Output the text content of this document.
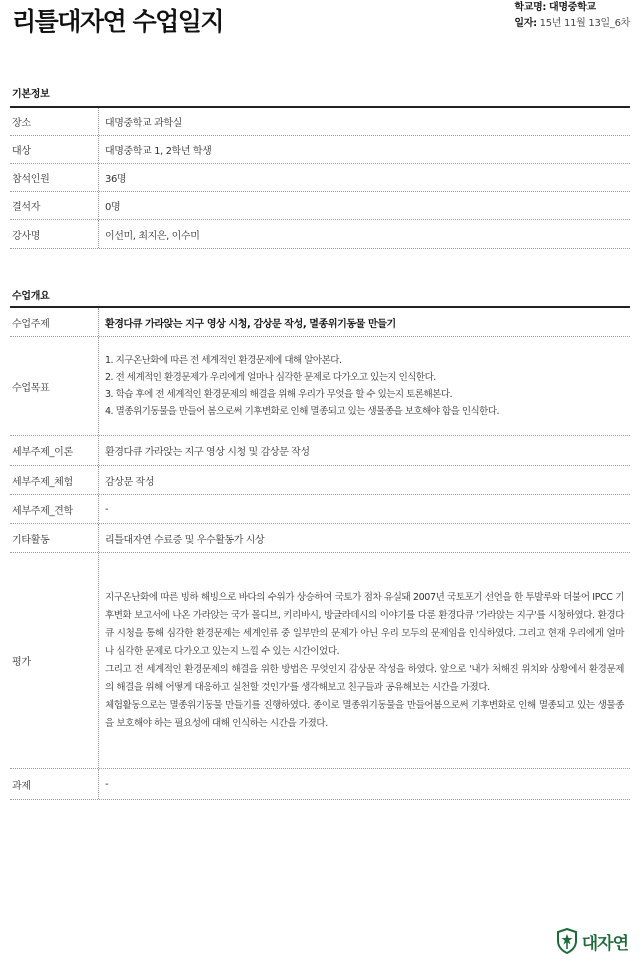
리틀대자연 수업일지	학교명: 대명중학교
일자: 15년 11월 13일_6차
기본정보
장소	대명중학교 과학실
대상	대명중학교 1, 2학년 학생
참석인원	36명
결석자	0명
강사명	이선미, 최지은, 이수미
수업개요
수업주제	환경다큐 가라앉는 지구 영상 시청, 감상문 작성, 멸종위기동물 만들기
수업목표
1. 지구온난화에 따른 전 세계적인 환경문제에 대해 알아본다.
2. 전 세계적인 환경문제가 우리에게 얼마나 심각한 문제로 다가오고 있는지 인식한다.
3. 학습 후에 전 세계적인 환경문제의 해결을 위해 우리가 무엇을 할 수 있는지 토론해본다.
4. 멸종위기동물을 만들어 봄으로써 기후변화로 인해 멸종되고 있는 생물종을 보호해야 함을 인식한다.
세부주제_이론	환경다큐 가라앉는 지구 영상 시청 및 감상문 작성
세부주제_체험	감상문 작성
세부주제_견학	-
기타활동	리틀대자연 수료증 및 우수활동가 시상
평가
지구온난화에 따른 빙하 해빙으로 바다의 수위가 상승하여 국토가 점차 유실돼 2007년 국토포기 선언을 한 투발루와 더불어 IPCC 기후변화 보고서에 나온 가라앉는 국가 몰디브, 키리바시, 방글라데시의 이야기를 다룬 환경다큐 '가라앉는 지구'를 시청하였다. 환경다큐 시청을 통해 심각한 환경문제는 세계인류 중 일부만의 문제가 아닌 우리 모두의 문제임을 인식하였다. 그리고 현재 우리에게 얼마나 심각한 문제로 다가오고 있는지 느낄 수 있는 시간이었다.
그리고 전 세계적인 환경문제의 해결을 위한 방법은 무엇인지 감상문 작성을 하였다. 앞으로 '내가 처해진 위치와 상황에서 환경문제의 해결을 위해 어떻게 대응하고 실천할 것인가'를 생각해보고 친구들과 공유해보는 시간을 가졌다.
체험활동으로는 멸종위기동물 만들기를 진행하였다. 종이로 멸종위기동물을 만들어봄으로써 기후변화로 인해 멸종되고 있는 생물종을 보호해야 하는 필요성에 대해 인식하는 시간을 가졌다.
과제	-
대자연
